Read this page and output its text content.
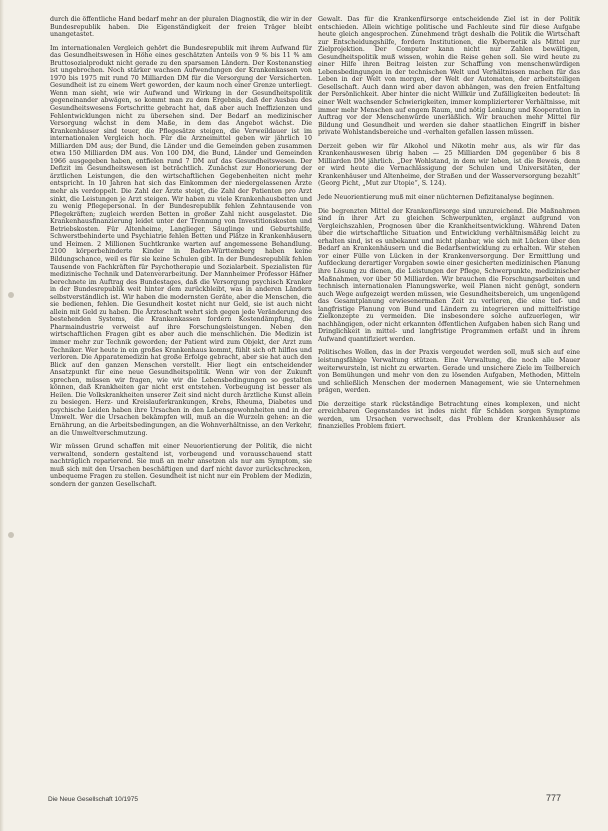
durch die öffentliche Hand bedarf mehr an der pluralen Diagnostik, die wir in der Bundesrepublik haben. Die Eigenständigkeit der freien Träger bleibt unangetastet.

Im internationalen Vergleich gehört die Bundesrepublik mit ihrem Aufwand für das Gesundheitswesen in Höhe eines geschätzten Anteils von 9 % bis 11 % am Bruttosozialprodukt nicht gerade zu den sparsamen Ländern. Der Kostenanstieg ist ungebrochen. Noch stärker wachsen Aufwendungen der Krankenkassen von 1970 bis 1975 mit rund 70 Milliarden DM für die Versorgung der Versicherten. Gesundheit ist zu einem Wert geworden, der kaum noch einer Grenze unterliegt. Wenn man sieht, wie wir Aufwand und Wirkung in der Gesundheitspolitik gegeneinander abwägen, so kommt man zu dem Ergebnis, daß der Ausbau des Gesundheitswesens Fortschritte gebracht hat, daß aber auch Ineffizienzen und Fehlentwicklungen nicht zu übersehen sind. Der Bedarf an medizinischer Versorgung wächst in dem Maße, in dem das Angebot wächst. Die Krankenhäuser sind teuer, die Pflegesätze steigen, die Verweildauer ist im internationalen Vergleich hoch. Für die Arzneimittel geben wir jährlich 10 Milliarden DM aus; der Bund, die Länder und die Gemeinden geben zusammen etwa 150 Milliarden DM aus. Von 100 DM, die Bund, Länder und Gemeinden 1966 ausgegeben haben, entfielen rund 7 DM auf das Gesundheitswesen. Der Defizit im Gesundheitswesen ist beträchtlich. Zunächst zur Honorierung der ärztlichen Leistungen, die den wirtschaftlichen Gegebenheiten nicht mehr entspricht. In 10 Jahren hat sich das Einkommen der niedergelassenen Ärzte mehr als verdoppelt. Die Zahl der Ärzte steigt, die Zahl der Patienten pro Arzt sinkt, die Leistungen je Arzt steigen. Wir haben zu viele Krankenhausbetten und zu wenig Pflegepersonal. In der Bundesrepublik fehlen Zehntausende von Pflegekräften; zugleich werden Betten in großer Zahl nicht ausgelastet. Die Krankenhausfinanzierung leidet unter der Trennung von Investitionskosten und Betriebskosten. Für Altenheime, Langlieger, Säuglinge und Geburtshilfe, Schwerstbehinderte und Psychiatrie fehlen Betten und Plätze in Krankenhäusern und Heimen. 2 Millionen Suchtkranke warten auf angemessene Behandlung. 2100 körperbehinderte Kinder in Baden-Württemberg haben keine Bildungschance, weil es für sie keine Schulen gibt. In der Bundesrepublik fehlen Tausende von Fachkräften für Psychotherapie und Sozialarbeit. Spezialisten für medizinische Technik und Datenverarbeitung. Der Mannheimer Professor Häfner berechnete im Auftrag des Bundestages, daß die Versorgung psychisch Kranker in der Bundesrepublik weit hinter dem zurückbleibt, was in anderen Ländern selbstverständlich ist. Wir haben die modernsten Geräte, aber die Menschen, die sie bedienen, fehlen. Die Gesundheit kostet nicht nur Geld, sie ist auch nicht allein mit Geld zu haben. Die Ärzteschaft wehrt sich gegen jede Veränderung des bestehenden Systems, die Krankenkassen fordern Kostendämpfung, die Pharmaindustrie verweist auf ihre Forschungsleistungen. Neben den wirtschaftlichen Fragen gibt es aber auch die menschlichen. Die Medizin ist immer mehr zur Technik geworden; der Patient wird zum Objekt, der Arzt zum Techniker. Wer heute in ein großes Krankenhaus kommt, fühlt sich oft hilflos und verloren. Die Apparatemedizin hat große Erfolge gebracht, aber sie hat auch den Blick auf den ganzen Menschen verstellt. Hier liegt ein entscheidender Ansatzpunkt für eine neue Gesundheitspolitik. Wenn wir von der Zukunft sprechen, müssen wir fragen, wie wir die Lebensbedingungen so gestalten können, daß Krankheiten gar nicht erst entstehen. Vorbeugung ist besser als Heilen. Die Volkskrankheiten unserer Zeit sind nicht durch ärztliche Kunst allein zu besiegen. Herz- und Kreislauferkrankungen, Krebs, Rheuma, Diabetes und psychische Leiden haben ihre Ursachen in den Lebensgewohnheiten und in der Umwelt. Wer die Ursachen bekämpfen will, muß an die Wurzeln gehen: an die Ernährung, an die Arbeitsbedingungen, an die Wohnverhältnisse, an den Verkehr, an die Umweltverschmutzung.

Wir müssen Grund schaffen mit einer Neuorientierung der Politik, die nicht verwaltend, sondern gestaltend ist, vorbeugend und vorausschauend statt nachträglich reparierend. Sie muß an mehr ansetzen als nur am Symptom, sie muß sich mit den Ursachen beschäftigen und darf nicht davor zurückschrecken, unbequeme Fragen zu stellen. Gesundheit ist nicht nur ein Problem der Medizin, sondern der ganzen Gesellschaft.

Gewalt. Das für die Krankenfürsorge entscheidende Ziel ist in der Politik entschieden. Allein wichtige politische und Fachleute sind für diese Aufgabe heute gleich angesprochen. Zunehmend trägt deshalb die Politik die Wirtschaft zur Entscheidungshilfe, fordern Institutionen, die Kybernetik als Mittel zur Zielprojektion. Der Computer kann nicht nur Zahlen bewältigen, Gesundheitspolitik muß wissen, wohin die Reise gehen soll. Sie wird heute zu einer Hilfe ihren Beitrag leisten zur Schaffung von menschenwürdigen Lebensbedingungen in der technischen Welt und Verhältnissen machen für das Leben in der Welt von morgen, der Welt der Automaten, der arbeitsteiligen Gesellschaft. Auch dann wird aber davon abhängen, was den freien Entfaltung der Persönlichkeit. Aber hinter die nicht Willkür und Zufälligkeiten bedeutet: In einer Welt wachsender Schwierigkeiten, immer komplizierterer Verhältnisse, mit immer mehr Menschen auf engem Raum, und nötig Lenkung und Kooperation in Auftrag vor der Menschenwürde unerläßlich. Wir brauchen mehr Mittel für Bildung und Gesundheit und werden sie daher staatlichen Eingriff in bisher private Wohlstandsbereiche und -verhalten gefallen lassen müssen.

Derzeit geben wir für Alkohol und Nikotin mehr aus, als wir für das Krankenhauswesen übrig haben — 25 Milliarden DM gegenüber 6 bis 8 Milliarden DM jährlich. „Der Wohlstand, in dem wir leben, ist die Beweis, denn er wird heute die Vernachlässigung der Schulen und Universitäten, der Krankenhäuser und Altenheime, der Straßen und der Wasserversorgung bezahlt“ (Georg Picht, „Mut zur Utopie“, S. 124).

Jede Neuorientierung muß mit einer nüchternen Defizitanalyse beginnen.

Die begrenzten Mittel der Krankenfürsorge sind unzureichend. Die Maßnahmen sind in ihrer Art zu gleichen Schwerpunkten, ergänzt aufgrund von Vergleichszahlen, Prognosen über die Krankheitsentwicklung. Während Daten über die wirtschaftliche Situation und Entwicklung verhältnismäßig leicht zu erhalten sind, ist es unbekannt und nicht planbar, wie sich mit Lücken über den Bedarf an Krankenhäusern und die Bedarfsentwicklung zu erhalten. Wir stehen vor einer Fülle von Lücken in der Krankenversorgung. Der Ermittlung und Aufdeckung derartiger Vorgaben sowie einer gesicherten medizinischen Planung ihre Lösung zu dienen, die Leistungen der Pflege, Schwerpunkte, medizinischer Maßnahmen, vor über 50 Milliarden. Wir brauchen die Forschungsarbeiten und technisch internationalen Planungswerke, weil Planen nicht genügt, sondern auch Wege aufgezeigt werden müssen, wie Gesundheitsbereich, um ungenügend das Gesamtplanung erwiesenermaßen Zeit zu verlieren, die eine tief- und langfristige Planung von Bund und Ländern zu integrieren und mittelfristige Zielkonzepte zu vermeiden. Die insbesondere solche aufzuerlegen, wir nachhängigen, oder nicht erkannten öffentlichen Aufgaben haben sich Rang und Dringlichkeit in mittel- und langfristige Programmen erfaßt und in ihrem Aufwand quantifiziert werden.

Politisches Wollen, das in der Praxis vergeudet werden soll, muß sich auf eine leistungsfähige Verwaltung stützen. Eine Verwaltung, die noch alle Mauer weiterwursteln, ist nicht zu erwarten. Gerade und unsichere Ziele im Teilbereich von Bemühungen und mehr von den zu lösenden Aufgaben, Methoden, Mitteln und schließlich Menschen der modernen Management, wie sie Unternehmen prägen, werden.

Die derzeitige stark rückständige Betrachtung eines komplexen, und nicht erreichbaren Gegenstandes ist indes nicht für Schäden sorgen Symptome werden, um Ursachen verwechselt, das Problem der Krankenhäuser als finanzielles Problem fixiert.

Die Neue Gesellschaft 10/1975	777
